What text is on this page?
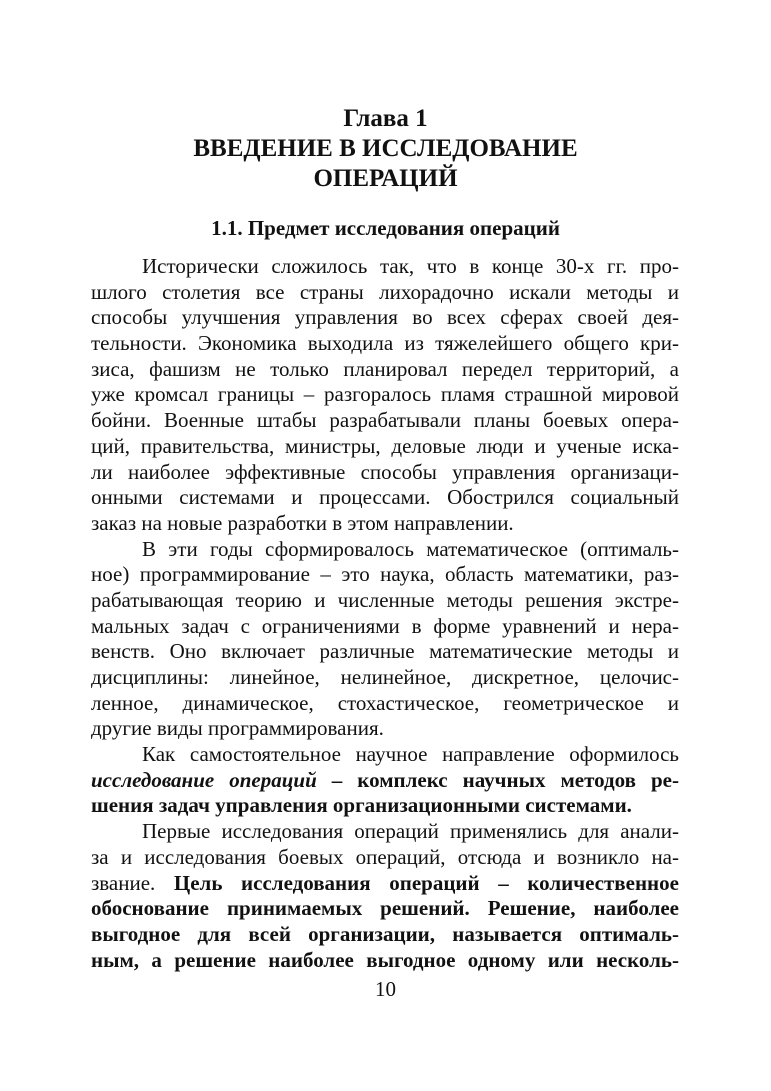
Глава 1
ВВЕДЕНИЕ В ИССЛЕДОВАНИЕ
ОПЕРАЦИЙ
1.1. Предмет исследования операций
Исторически сложилось так, что в конце 30-х гг. про-
шлого столетия все страны лихорадочно искали методы и
способы улучшения управления во всех сферах своей дея-
тельности. Экономика выходила из тяжелейшего общего кри-
зиса, фашизм не только планировал передел территорий, а
уже кромсал границы – разгоралось пламя страшной мировой
бойни. Военные штабы разрабатывали планы боевых опера-
ций, правительства, министры, деловые люди и ученые иска-
ли наиболее эффективные способы управления организаци-
онными системами и процессами. Обострился социальный
заказ на новые разработки в этом направлении.
В эти годы сформировалось математическое (оптималь-
ное) программирование – это наука, область математики, раз-
рабатывающая теорию и численные методы решения экстре-
мальных задач с ограничениями в форме уравнений и нера-
венств. Оно включает различные математические методы и
дисциплины: линейное, нелинейное, дискретное, целочис-
ленное, динамическое, стохастическое, геометрическое и
другие виды программирования.
Как самостоятельное научное направление оформилось
исследование операций – комплекс научных методов ре-
шения задач управления организационными системами.
Первые исследования операций применялись для анали-
за и исследования боевых операций, отсюда и возникло на-
звание. Цель исследования операций – количественное
обоснование принимаемых решений. Решение, наиболее
выгодное для всей организации, называется оптималь-
ным, а решение наиболее выгодное одному или несколь-
10
